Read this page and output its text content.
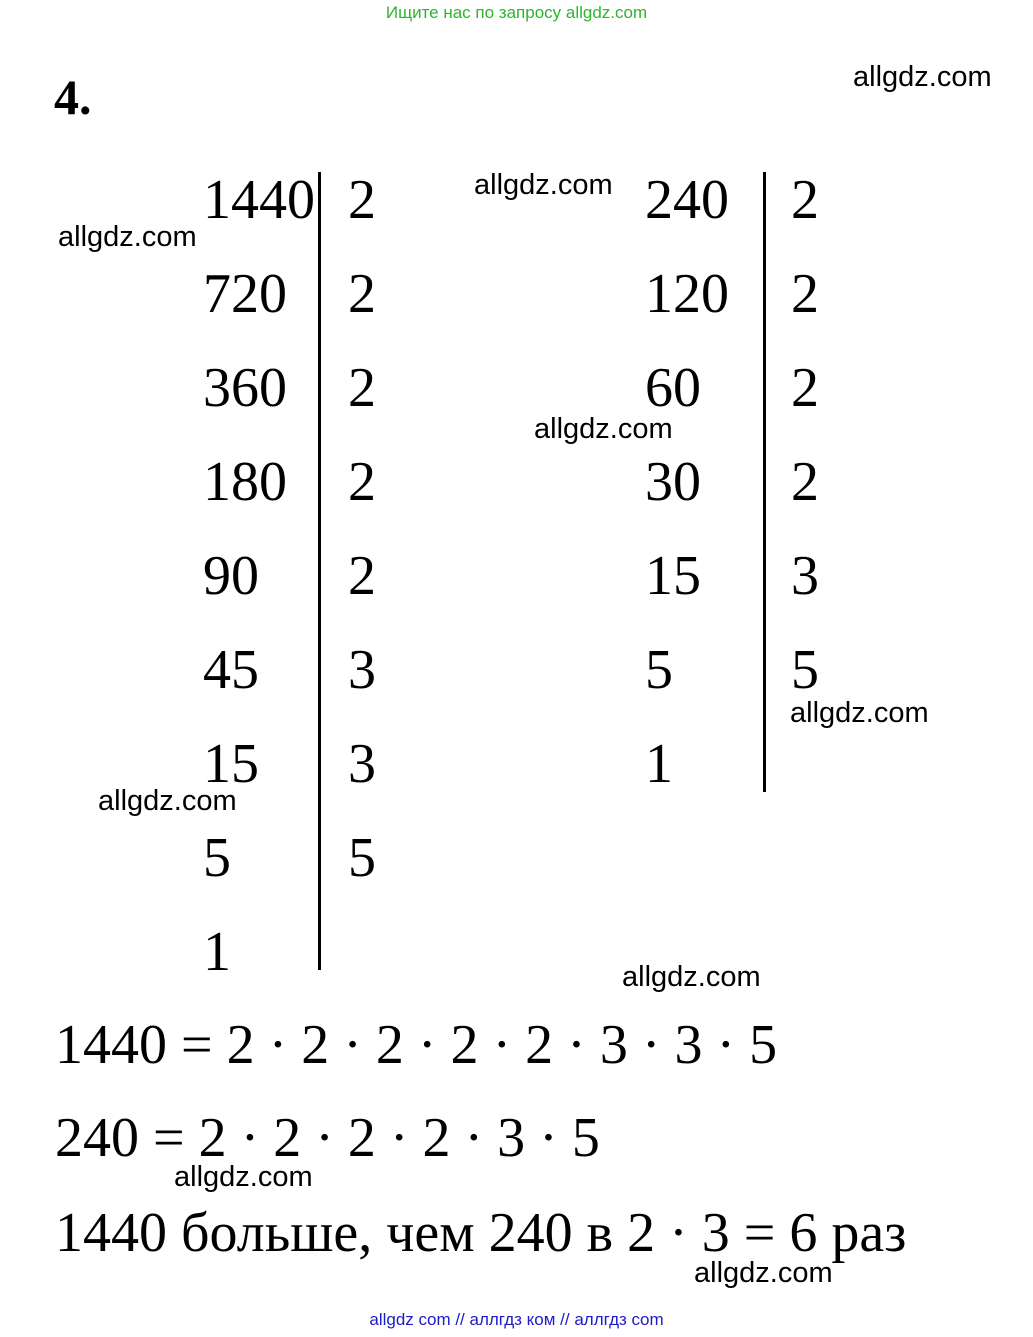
Ищите нас по запросу allgdz.com
4.
1440
720
360
180
90
45
15
5
1
2
2
2
2
2
3
3
5
240
120
60
30
15
5
1
2
2
2
2
3
5
1440 = 2 · 2 · 2 · 2 · 2 · 3 · 3 · 5
240 = 2 · 2 · 2 · 2 · 3 · 5
1440 больше, чем 240 в 2 · 3 = 6 раз
allgdz.com
allgdz.com
allgdz.com
allgdz.com
allgdz.com
allgdz.com
allgdz.com
allgdz.com
allgdz.com
allgdz com // аллгдз ком // аллгдз com
